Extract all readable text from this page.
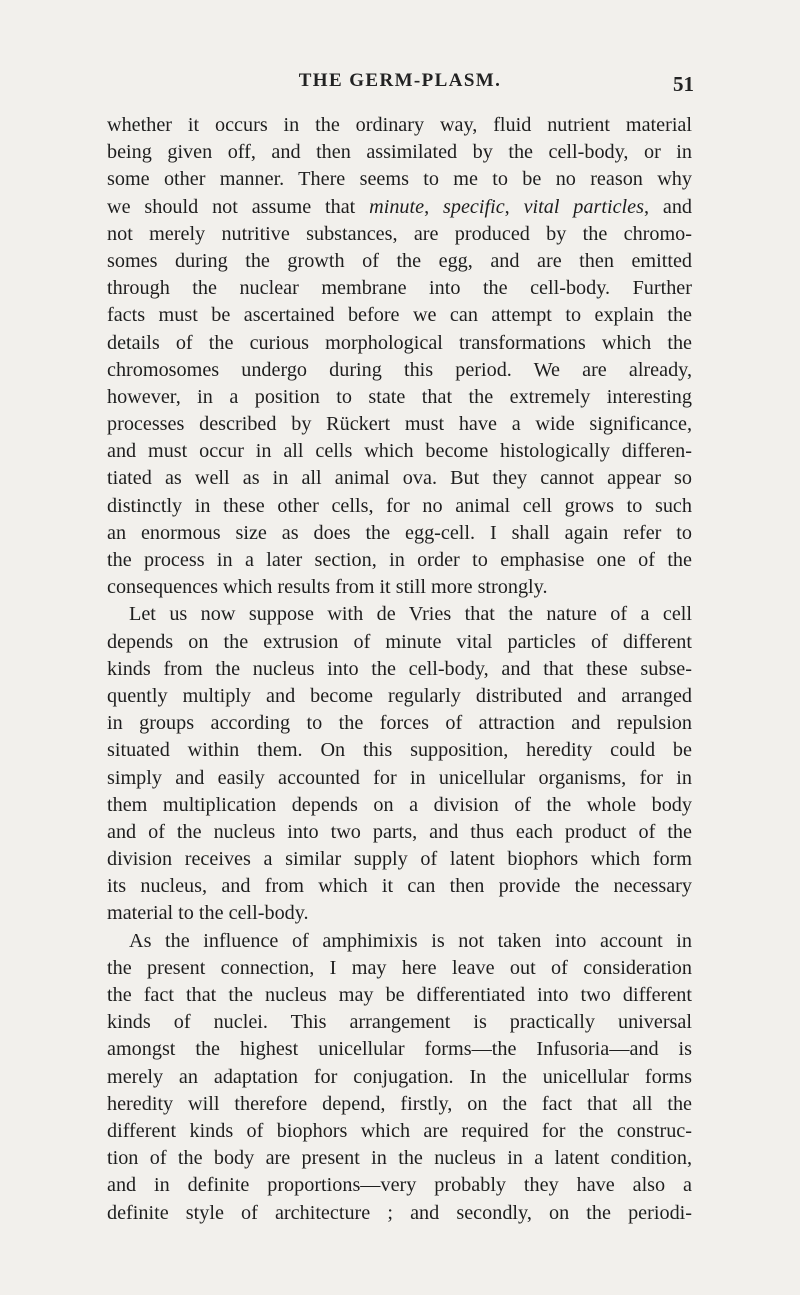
THE GERM-PLASM.	51
whether it occurs in the ordinary way, fluid nutrient material
being given off, and then assimilated by the cell-body, or in
some other manner. There seems to me to be no reason why
we should not assume that minute, specific, vital particles, and
not merely nutritive substances, are produced by the chromo-
somes during the growth of the egg, and are then emitted
through the nuclear membrane into the cell-body. Further
facts must be ascertained before we can attempt to explain the
details of the curious morphological transformations which the
chromosomes undergo during this period. We are already,
however, in a position to state that the extremely interesting
processes described by Rückert must have a wide significance,
and must occur in all cells which become histologically differen-
tiated as well as in all animal ova. But they cannot appear so
distinctly in these other cells, for no animal cell grows to such
an enormous size as does the egg-cell. I shall again refer to
the process in a later section, in order to emphasise one of the
consequences which results from it still more strongly.
Let us now suppose with de Vries that the nature of a cell
depends on the extrusion of minute vital particles of different
kinds from the nucleus into the cell-body, and that these subse-
quently multiply and become regularly distributed and arranged
in groups according to the forces of attraction and repulsion
situated within them. On this supposition, heredity could be
simply and easily accounted for in unicellular organisms, for in
them multiplication depends on a division of the whole body
and of the nucleus into two parts, and thus each product of the
division receives a similar supply of latent biophors which form
its nucleus, and from which it can then provide the necessary
material to the cell-body.
As the influence of amphimixis is not taken into account in
the present connection, I may here leave out of consideration
the fact that the nucleus may be differentiated into two different
kinds of nuclei. This arrangement is practically universal
amongst the highest unicellular forms—the Infusoria—and is
merely an adaptation for conjugation. In the unicellular forms
heredity will therefore depend, firstly, on the fact that all the
different kinds of biophors which are required for the construc-
tion of the body are present in the nucleus in a latent condition,
and in definite proportions—very probably they have also a
definite style of architecture ; and secondly, on the periodi-
